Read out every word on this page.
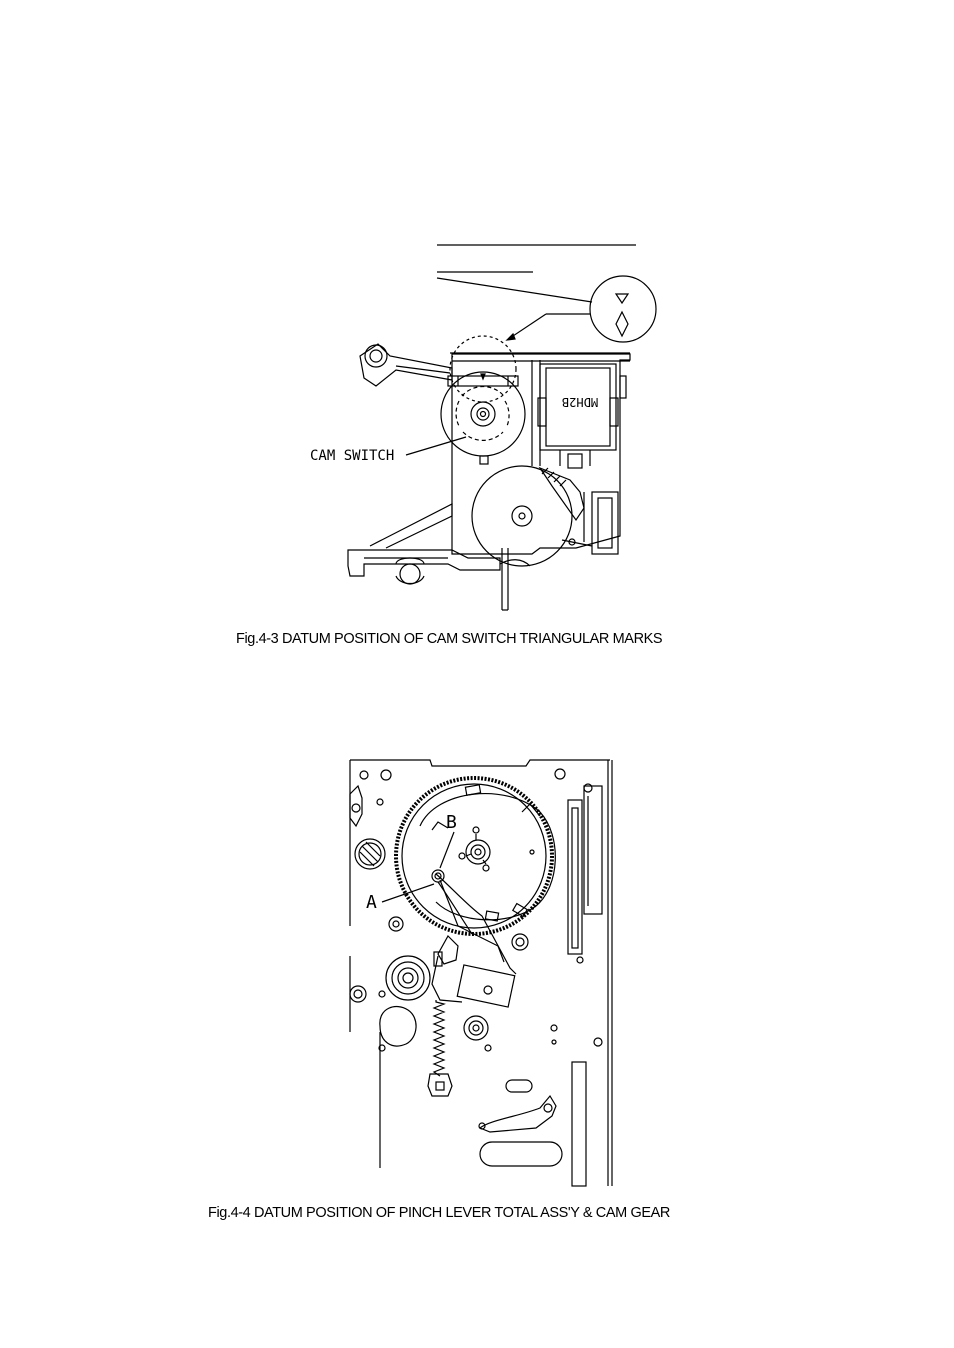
MDH2B
CAM SWITCH
Fig.4-3 DATUM POSITION OF CAM SWITCH TRIANGULAR MARKS
A
B
Fig.4-4 DATUM POSITION OF PINCH LEVER TOTAL ASS'Y & CAM GEAR
